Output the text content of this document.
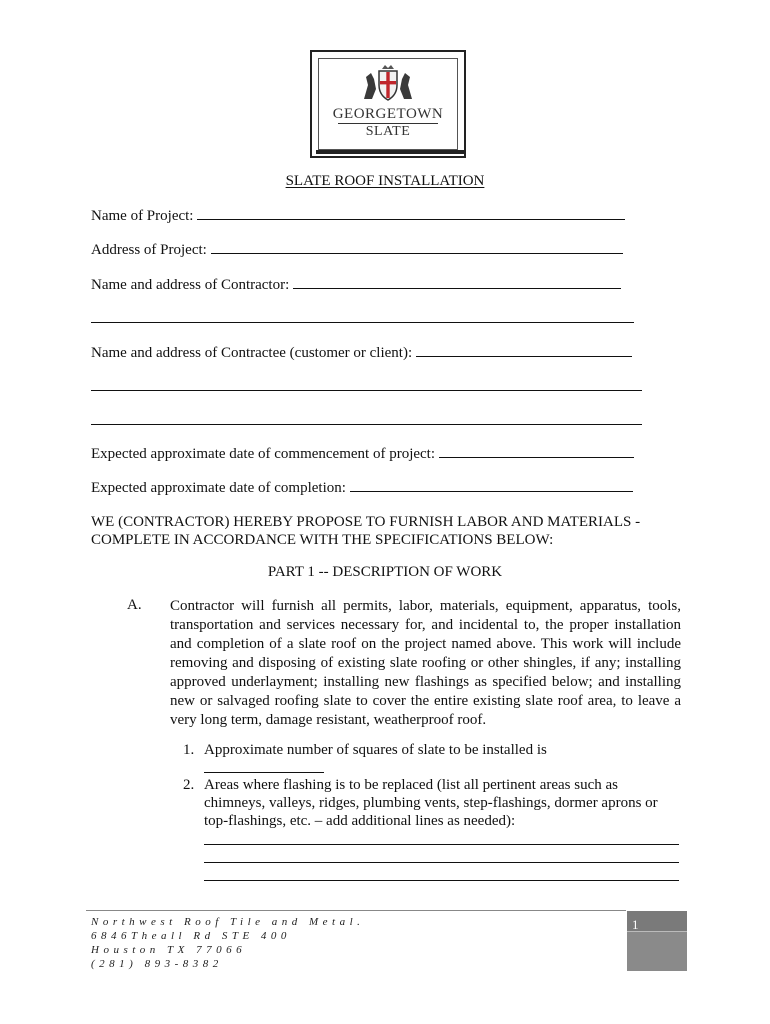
GEORGETOWN
SLATE
SLATE ROOF INSTALLATION
Name of Project:
Address of Project:
Name and address of Contractor:
Name and address of Contractee (customer or client):
Expected approximate date of commencement of project:
Expected approximate date of completion:
WE (CONTRACTOR) HEREBY PROPOSE TO FURNISH LABOR AND MATERIALS -
COMPLETE IN ACCORDANCE WITH THE SPECIFICATIONS BELOW:
PART 1 -- DESCRIPTION OF WORK
A. Contractor will furnish all permits, labor, materials, equipment, apparatus, tools, transportation and services necessary for, and incidental to, the proper installation and completion of a slate roof on the project named above. This work will include removing and disposing of existing slate roofing or other shingles, if any; installing approved underlayment; installing new flashings as specified below; and installing new or salvaged roofing slate to cover the entire existing slate roof area, to leave a very long term, damage resistant, weatherproof roof.
1. Approximate number of squares of slate to be installed is
2. Areas where flashing is to be replaced (list all pertinent areas such as chimneys, valleys, ridges, plumbing vents, step-flashings, dormer aprons or top-flashings, etc. – add additional lines as needed):
Northwest Roof Tile and Metal.
6846Theall Rd STE 400
Houston TX 77066
(281) 893-8382
1
